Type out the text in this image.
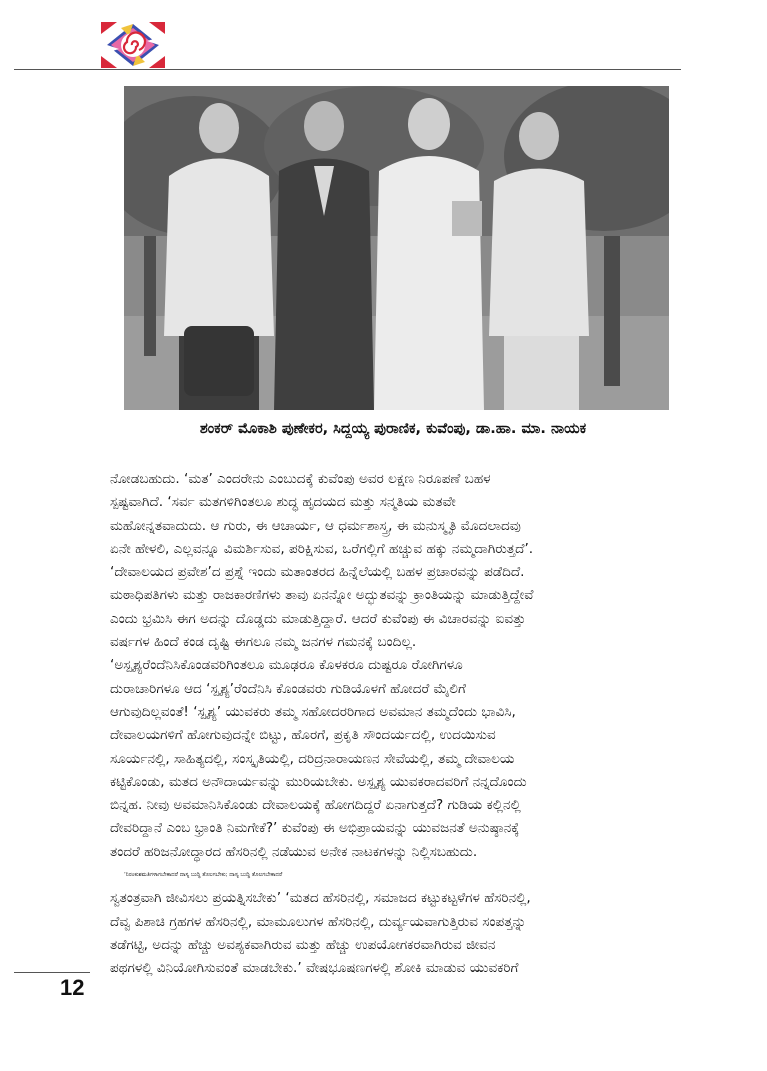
ಶಂಕರ್ ಮೊಕಾಶಿ ಪುಣೇಕರ, ಸಿದ್ದಯ್ಯ ಪುರಾಣಿಕ, ಕುವೆಂಪು, ಡಾ.ಹಾ. ಮಾ. ನಾಯಕ
ನೋಡಬಹುದು. ‘ಮತ’ ಎಂದರೇನು ಎಂಬುದಕ್ಕೆ ಕುವೆಂಪು ಅವರ ಲಕ್ಷಣ ನಿರೂಪಣೆ ಬಹಳ
ಸ್ಪಷ್ಟವಾಗಿದೆ. ‘ಸರ್ವ ಮತಗಳಿಗಿಂತಲೂ ಶುದ್ಧ ಹೃದಯದ ಮತ್ತು ಸನ್ಮತಿಯ ಮತವೇ
ಮಹೋನ್ನತವಾದುದು. ಆ ಗುರು, ಈ ಆಚಾರ್ಯ, ಆ ಧರ್ಮಶಾಸ್ತ್ರ, ಈ ಮನುಸ್ಮೃತಿ ಮೊದಲಾದವು
ಏನೇ ಹೇಳಲಿ, ಎಲ್ಲವನ್ನೂ ವಿಮರ್ಶಿಸುವ, ಪರಿಕ್ಷಿಸುವ, ಒರೆಗಲ್ಲಿಗೆ ಹಚ್ಚುವ ಹಕ್ಕು ನಮ್ಮದಾಗಿರುತ್ತದೆ’.
‘ದೇವಾಲಯದ ಪ್ರವೇಶ’ದ ಪ್ರಶ್ನೆ ಇಂದು ಮತಾಂತರದ ಹಿನ್ನೆಲೆಯಲ್ಲಿ ಬಹಳ ಪ್ರಚಾರವನ್ನು ಪಡೆದಿದೆ.
ಮಠಾಧಿಪತಿಗಳು ಮತ್ತು ರಾಜಕಾರಣಿಗಳು ತಾವು ಏನನ್ನೋ ಅದ್ಭುತವನ್ನು ಕ್ರಾಂತಿಯನ್ನು ಮಾಡುತ್ತಿದ್ದೇವೆ
ಎಂದು ಭ್ರಮಿಸಿ ಈಗ ಅದನ್ನು ದೊಡ್ಡದು ಮಾಡುತ್ತಿದ್ದಾರೆ. ಆದರೆ ಕುವೆಂಪು ಈ ವಿಚಾರವನ್ನು ಐವತ್ತು
ವರ್ಷಗಳ ಹಿಂದೆ ಕಂಡ ದೃಷ್ಟಿ ಈಗಲೂ ನಮ್ಮ ಜನಗಳ ಗಮನಕ್ಕೆ ಬಂದಿಲ್ಲ.
‘ಅಸ್ಪೃಶ್ಯರೆಂದೆನಿಸಿಕೊಂಡವರಿಗಿಂತಲೂ ಮೂಢರೂ ಕೊಳಕರೂ ದುಷ್ಟರೂ ರೋಗಿಗಳೂ
ದುರಾಚಾರಿಗಳೂ ಆದ ‘ಸ್ಪೃಶ್ಯ’ರೆಂದೆನಿಸಿ ಕೊಂಡವರು ಗುಡಿಯೊಳಗೆ ಹೋದರೆ ಮೈಲಿಗೆ
ಆಗುವುದಿಲ್ಲವಂತೆ! ‘ಸ್ಪೃಶ್ಯ’ ಯುವಕರು ತಮ್ಮ ಸಹೋದರರಿಗಾದ ಅವಮಾನ ತಮ್ಮದೆಂದು ಭಾವಿಸಿ,
ದೇವಾಲಯಗಳಿಗೆ ಹೋಗುವುದನ್ನೇ ಬಿಟ್ಟು, ಹೊರಗೆ, ಪ್ರಕೃತಿ ಸೌಂದರ್ಯದಲ್ಲಿ, ಉದಯಿಸುವ
ಸೂರ್ಯನಲ್ಲಿ, ಸಾಹಿತ್ಯದಲ್ಲಿ, ಸಂಸ್ಕೃತಿಯಲ್ಲಿ, ದರಿದ್ರನಾರಾಯಣನ ಸೇವೆಯಲ್ಲಿ, ತಮ್ಮ ದೇವಾಲಯ
ಕಟ್ಟಿಕೊಂಡು, ಮತದ ಅನೌದಾರ್ಯವನ್ನು ಮುರಿಯಬೇಕು. ಅಸ್ಪೃಶ್ಯ ಯುವಕರಾದವರಿಗೆ ನನ್ನದೊಂದು
ಬಿನ್ನಹ. ನೀವು ಅವಮಾನಿಸಿಕೊಂಡು ದೇವಾಲಯಕ್ಕೆ ಹೋಗದಿದ್ದರೆ ಏನಾಗುತ್ತದೆ? ಗುಡಿಯ ಕಲ್ಲಿನಲ್ಲಿ
ದೇವರಿದ್ದಾನೆ ಎಂಬ ಭ್ರಾಂತಿ ನಿಮಗೇಕೆ?’ ಕುವೆಂಪು ಈ ಅಭಿಪ್ರಾಯವನ್ನು ಯುವಜನತೆ ಅನುಷ್ಠಾನಕ್ಕೆ
ತಂದರೆ ಹರಿಜನೋದ್ಧಾರದ ಹೆಸರಿನಲ್ಲಿ ನಡೆಯುವ ಅನೇಕ ನಾಟಕಗಳನ್ನು ನಿಲ್ಲಿಸಬಹುದು.
‘ನಿರಂಕುಶಮತಿಗಳಾಗಬೇಕಾದರೆ ದಾಸ್ಯ ಬುದ್ಧಿ ತೊಲಗಬೇಕು; ದಾಸ್ಯ ಬುದ್ಧಿ ತೊಲಗಬೇಕಾದರೆ
ಸ್ವತಂತ್ರವಾಗಿ ಜೀವಿಸಲು ಪ್ರಯತ್ನಿಸಬೇಕು’ ‘ಮತದ ಹೆಸರಿನಲ್ಲಿ, ಸಮಾಜದ ಕಟ್ಟುಕಟ್ಟಳೆಗಳ ಹೆಸರಿನಲ್ಲಿ,
ದೆವ್ವ ಪಿಶಾಚಿ ಗ್ರಹಗಳ ಹೆಸರಿನಲ್ಲಿ, ಮಾಮೂಲುಗಳ ಹೆಸರಿನಲ್ಲಿ, ದುರ್ವ್ಯಯವಾಗುತ್ತಿರುವ ಸಂಪತ್ತನ್ನು
ತಡೆಗಟ್ಟಿ, ಅದನ್ನು ಹೆಚ್ಚು ಅವಶ್ಯಕವಾಗಿರುವ ಮತ್ತು ಹೆಚ್ಚು ಉಪಯೋಗಕರವಾಗಿರುವ ಜೀವನ
ಪಥಗಳಲ್ಲಿ ವಿನಿಯೋಗಿಸುವಂತೆ ಮಾಡಬೇಕು.’ ವೇಷಭೂಷಣಗಳಲ್ಲಿ ಶೋಕಿ ಮಾಡುವ ಯುವಕರಿಗೆ
12
